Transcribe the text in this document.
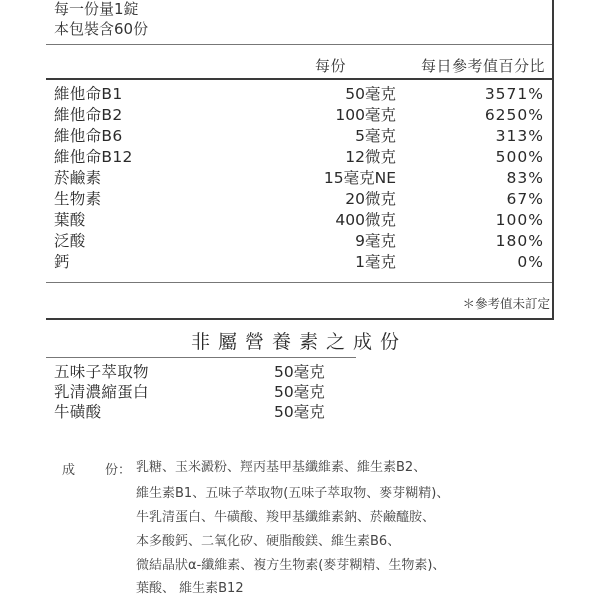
每一份量1錠
本包裝含60份
每份	每日參考值百分比
維他命B1	50毫克	3571%
維他命B2	100毫克	6250%
維他命B6	5毫克	313%
維他命B12	12微克	500%
菸鹼素	15毫克NE	83%
生物素	20微克	67%
葉酸	400微克	100%
泛酸	9毫克	180%
鈣	1毫克	0%
＊參考值未訂定
非屬營養素之成份
五味子萃取物	50毫克
乳清濃縮蛋白	50毫克
牛磺酸	50毫克
成 份： 乳糖、玉米澱粉、羥丙基甲基纖維素、維生素B2、
維生素B1、五味子萃取物(五味子萃取物、麥芽糊精)、
牛乳清蛋白、牛磺酸、羧甲基纖維素鈉、菸鹼醯胺、
本多酸鈣、二氧化矽、硬脂酸鎂、維生素B6、
微結晶狀α-纖維素、複方生物素(麥芽糊精、生物素)、
葉酸、 維生素B12
